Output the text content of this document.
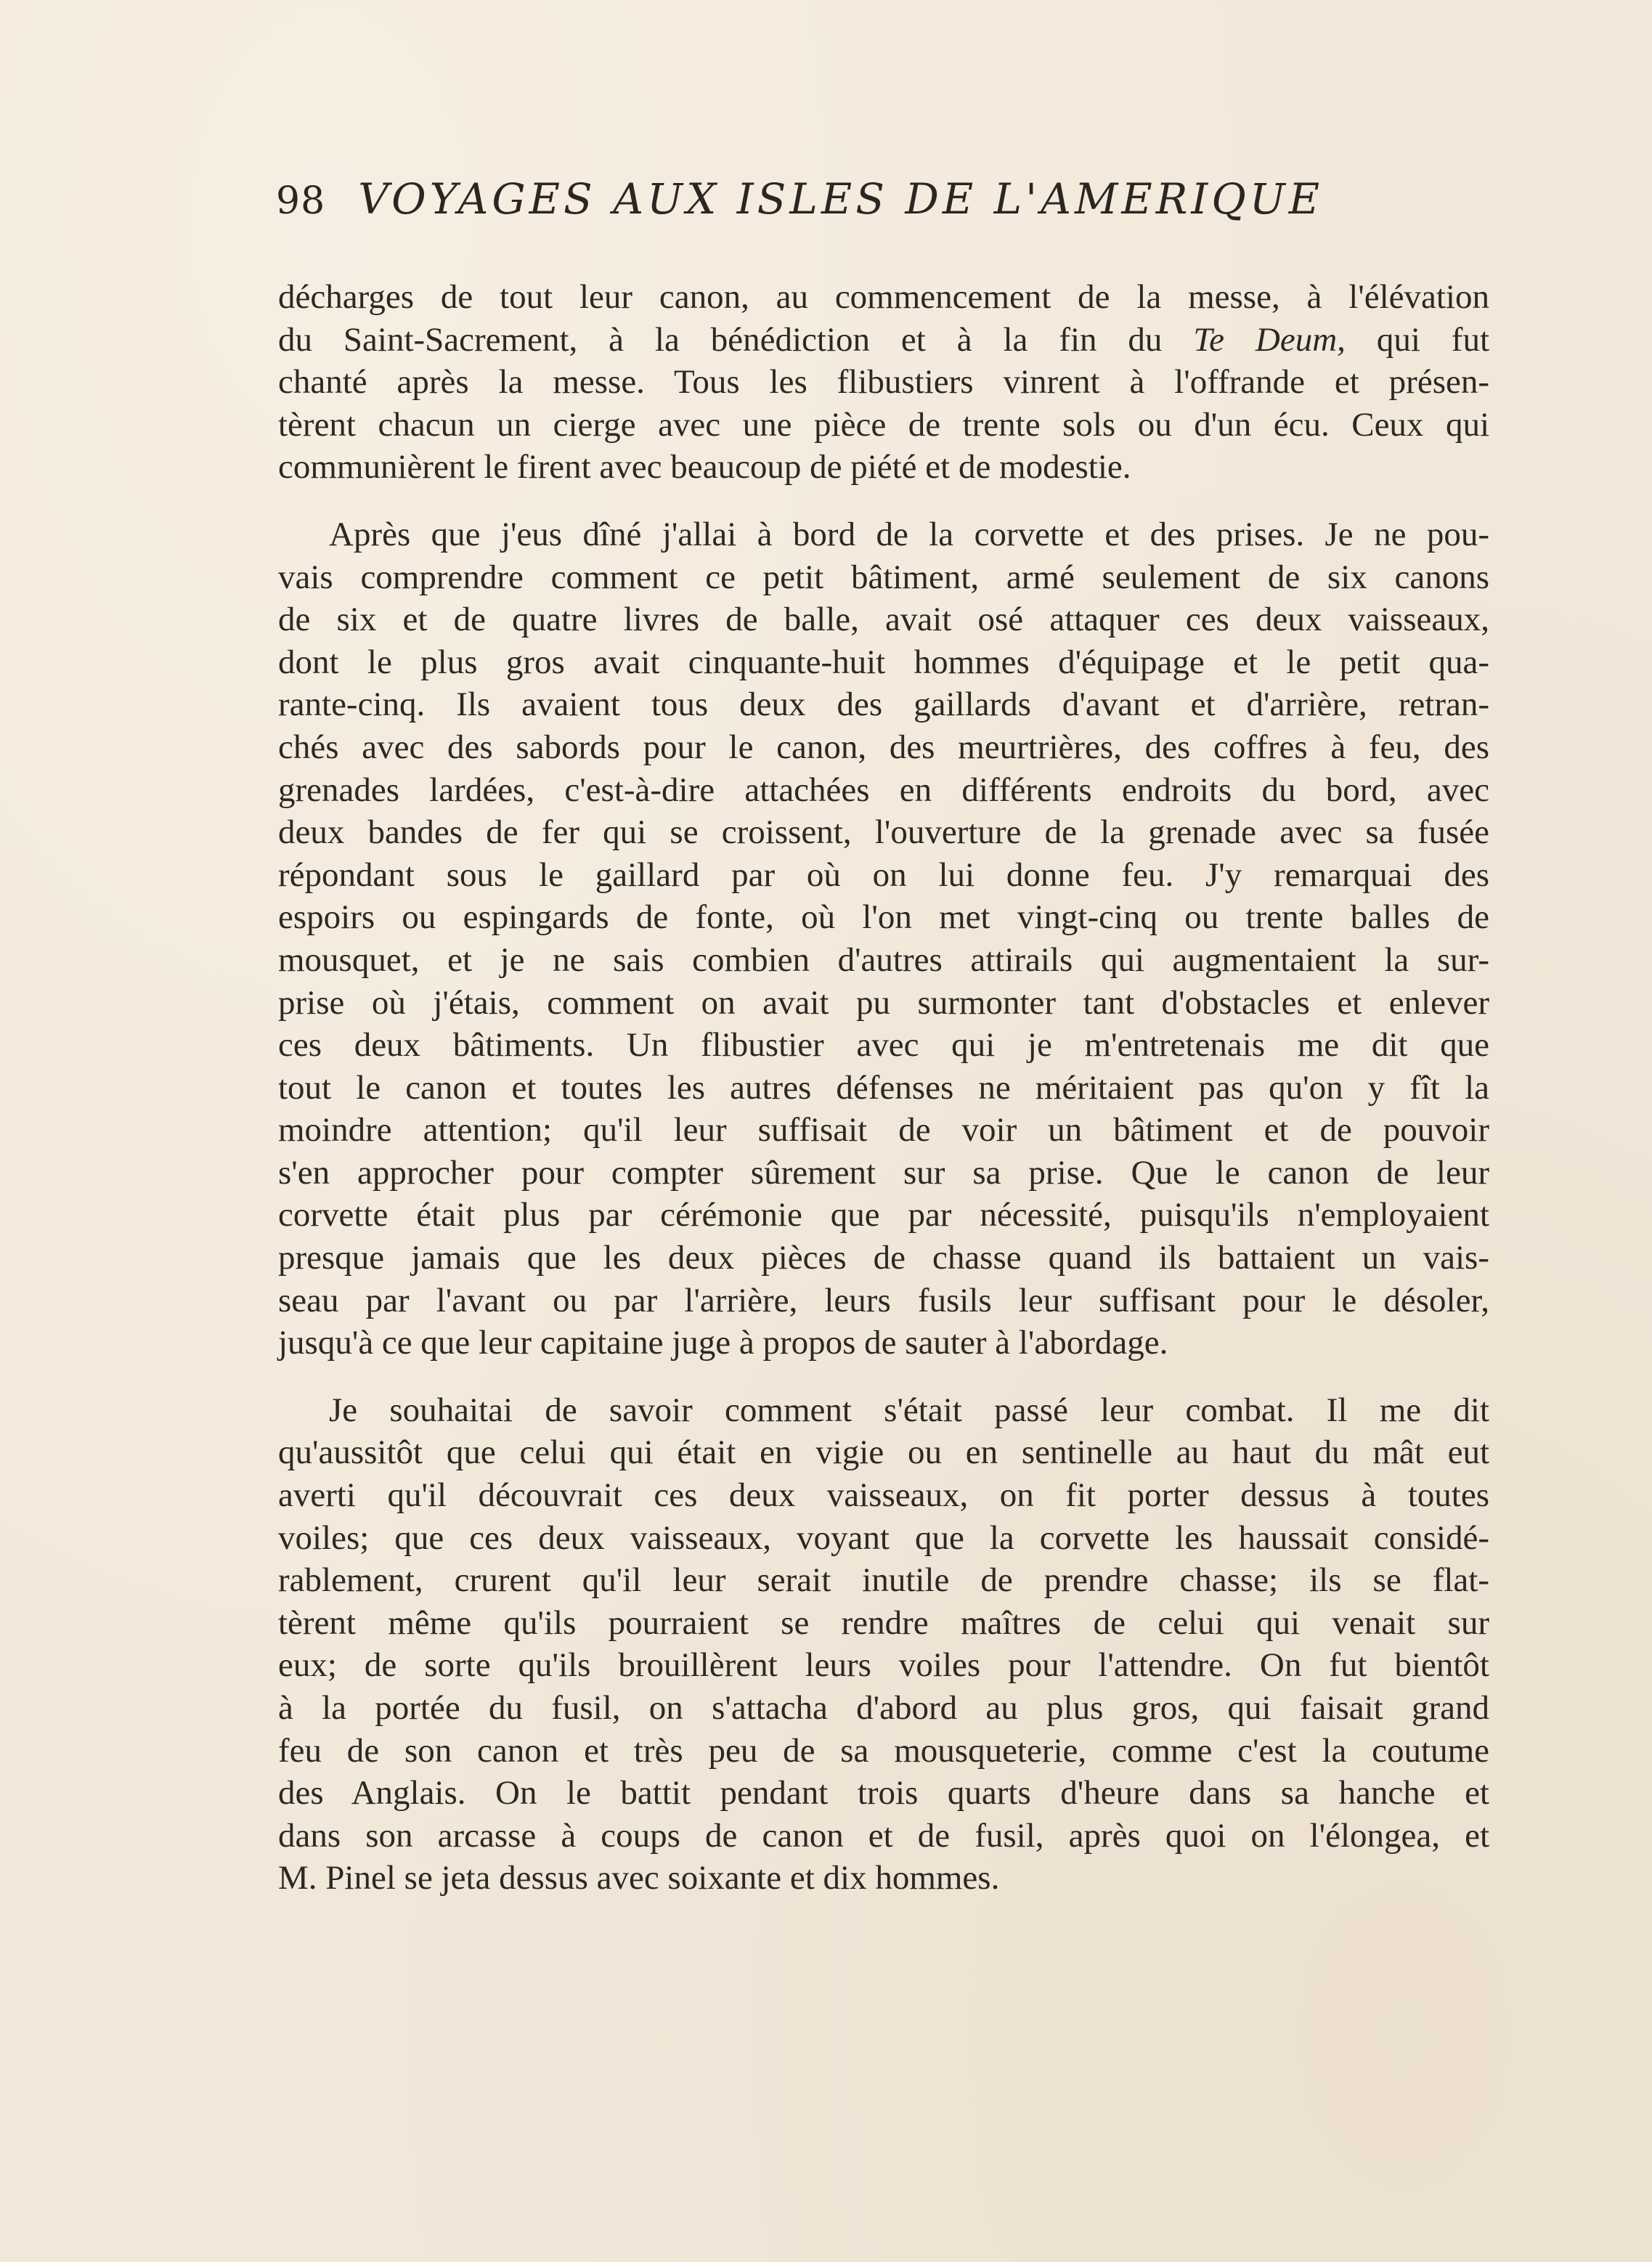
98 VOYAGES AUX ISLES DE L'AMERIQUE
décharges de tout leur canon, au commencement de la messe, à l'élévation
du Saint-Sacrement, à la bénédiction et à la fin du Te Deum, qui fut
chanté après la messe. Tous les flibustiers vinrent à l'offrande et présen-
tèrent chacun un cierge avec une pièce de trente sols ou d'un écu. Ceux qui
communièrent le firent avec beaucoup de piété et de modestie.
Après que j'eus dîné j'allai à bord de la corvette et des prises. Je ne pou-
vais comprendre comment ce petit bâtiment, armé seulement de six canons
de six et de quatre livres de balle, avait osé attaquer ces deux vaisseaux,
dont le plus gros avait cinquante-huit hommes d'équipage et le petit qua-
rante-cinq. Ils avaient tous deux des gaillards d'avant et d'arrière, retran-
chés avec des sabords pour le canon, des meurtrières, des coffres à feu, des
grenades lardées, c'est-à-dire attachées en différents endroits du bord, avec
deux bandes de fer qui se croissent, l'ouverture de la grenade avec sa fusée
répondant sous le gaillard par où on lui donne feu. J'y remarquai des
espoirs ou espingards de fonte, où l'on met vingt-cinq ou trente balles de
mousquet, et je ne sais combien d'autres attirails qui augmentaient la sur-
prise où j'étais, comment on avait pu surmonter tant d'obstacles et enlever
ces deux bâtiments. Un flibustier avec qui je m'entretenais me dit que
tout le canon et toutes les autres défenses ne méritaient pas qu'on y fît la
moindre attention; qu'il leur suffisait de voir un bâtiment et de pouvoir
s'en approcher pour compter sûrement sur sa prise. Que le canon de leur
corvette était plus par cérémonie que par nécessité, puisqu'ils n'employaient
presque jamais que les deux pièces de chasse quand ils battaient un vais-
seau par l'avant ou par l'arrière, leurs fusils leur suffisant pour le désoler,
jusqu'à ce que leur capitaine juge à propos de sauter à l'abordage.
Je souhaitai de savoir comment s'était passé leur combat. Il me dit
qu'aussitôt que celui qui était en vigie ou en sentinelle au haut du mât eut
averti qu'il découvrait ces deux vaisseaux, on fit porter dessus à toutes
voiles; que ces deux vaisseaux, voyant que la corvette les haussait considé-
rablement, crurent qu'il leur serait inutile de prendre chasse; ils se flat-
tèrent même qu'ils pourraient se rendre maîtres de celui qui venait sur
eux; de sorte qu'ils brouillèrent leurs voiles pour l'attendre. On fut bientôt
à la portée du fusil, on s'attacha d'abord au plus gros, qui faisait grand
feu de son canon et très peu de sa mousqueterie, comme c'est la coutume
des Anglais. On le battit pendant trois quarts d'heure dans sa hanche et
dans son arcasse à coups de canon et de fusil, après quoi on l'élongea, et
M. Pinel se jeta dessus avec soixante et dix hommes.
